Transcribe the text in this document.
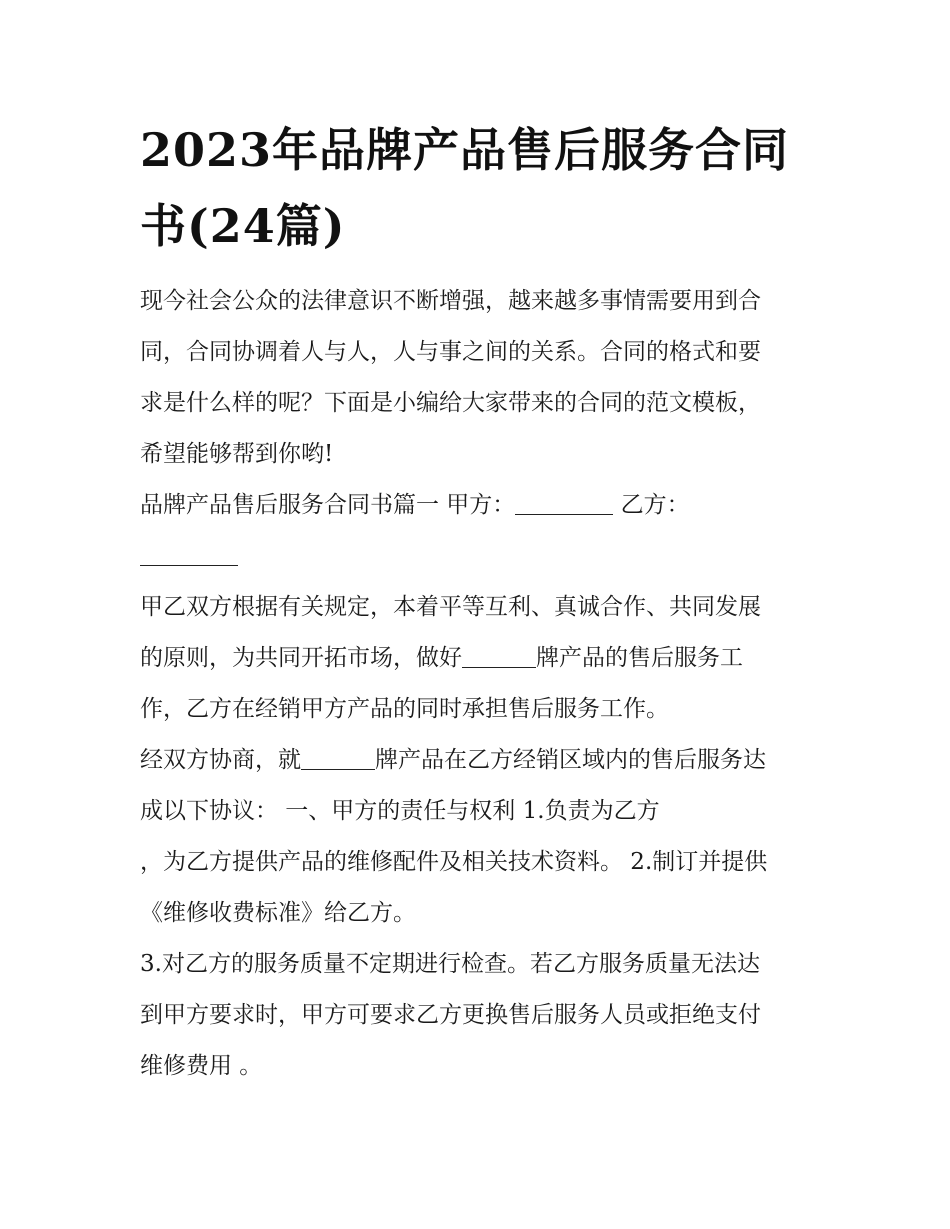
2023年品牌产品售后服务合同
书(24篇)

现今社会公众的法律意识不断增强，越来越多事情需要用到合
同，合同协调着人与人，人与事之间的关系。合同的格式和要
求是什么样的呢？下面是小编给大家带来的合同的范文模板，
希望能够帮到你哟!

品牌产品售后服务合同书篇一 甲方：	乙方：

甲乙双方根据有关规定，本着平等互利、真诚合作、共同发展
的原则，为共同开拓市场，做好	牌产品的售后服务工
作，乙方在经销甲方产品的同时承担售后服务工作。

经双方协商，就	牌产品在乙方经销区域内的售后服务达
成以下协议： 一、甲方的责任与权利 1.负责为乙方
，为乙方提供产品的维修配件及相关技术资料。 2.制订并提供
《维修收费标准》给乙方。

3.对乙方的服务质量不定期进行检查。若乙方服务质量无法达
到甲方要求时，甲方可要求乙方更换售后服务人员或拒绝支付
维修费用 。
